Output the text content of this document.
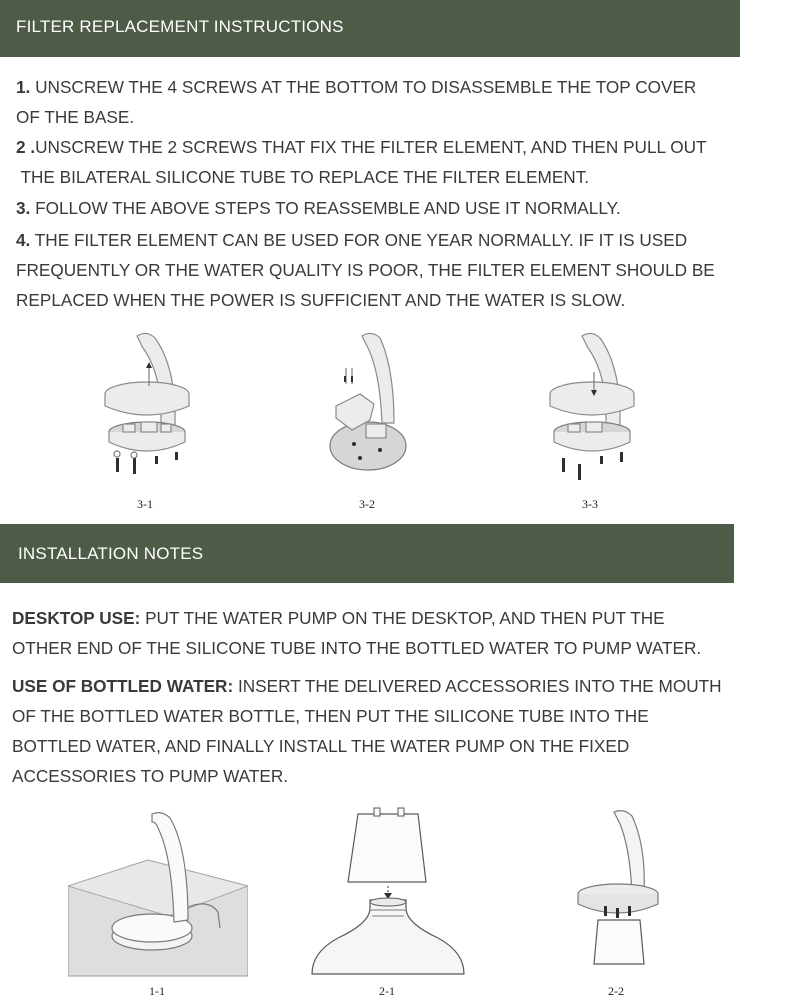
FILTER REPLACEMENT INSTRUCTIONS
1. UNSCREW THE 4 SCREWS AT THE BOTTOM TO DISASSEMBLE THE TOP COVER
OF THE BASE.
2 .UNSCREW THE 2 SCREWS THAT FIX THE FILTER ELEMENT, AND THEN PULL OUT
THE BILATERAL SILICONE TUBE TO REPLACE THE FILTER ELEMENT.
3. FOLLOW THE ABOVE STEPS TO REASSEMBLE AND USE IT NORMALLY.
4. THE FILTER ELEMENT CAN BE USED FOR ONE YEAR NORMALLY. IF IT IS USED
FREQUENTLY OR THE WATER QUALITY IS POOR, THE FILTER ELEMENT SHOULD BE
REPLACED WHEN THE POWER IS SUFFICIENT AND THE WATER IS SLOW.
3-1	3-2	3-3
INSTALLATION NOTES
DESKTOP USE: PUT THE WATER PUMP ON THE DESKTOP, AND THEN PUT THE
OTHER END OF THE SILICONE TUBE INTO THE BOTTLED WATER TO PUMP WATER.
USE OF BOTTLED WATER: INSERT THE DELIVERED ACCESSORIES INTO THE MOUTH
OF THE BOTTLED WATER BOTTLE, THEN PUT THE SILICONE TUBE INTO THE
BOTTLED WATER, AND FINALLY INSTALL THE WATER PUMP ON THE FIXED
ACCESSORIES TO PUMP WATER.
1-1	2-1	2-2
